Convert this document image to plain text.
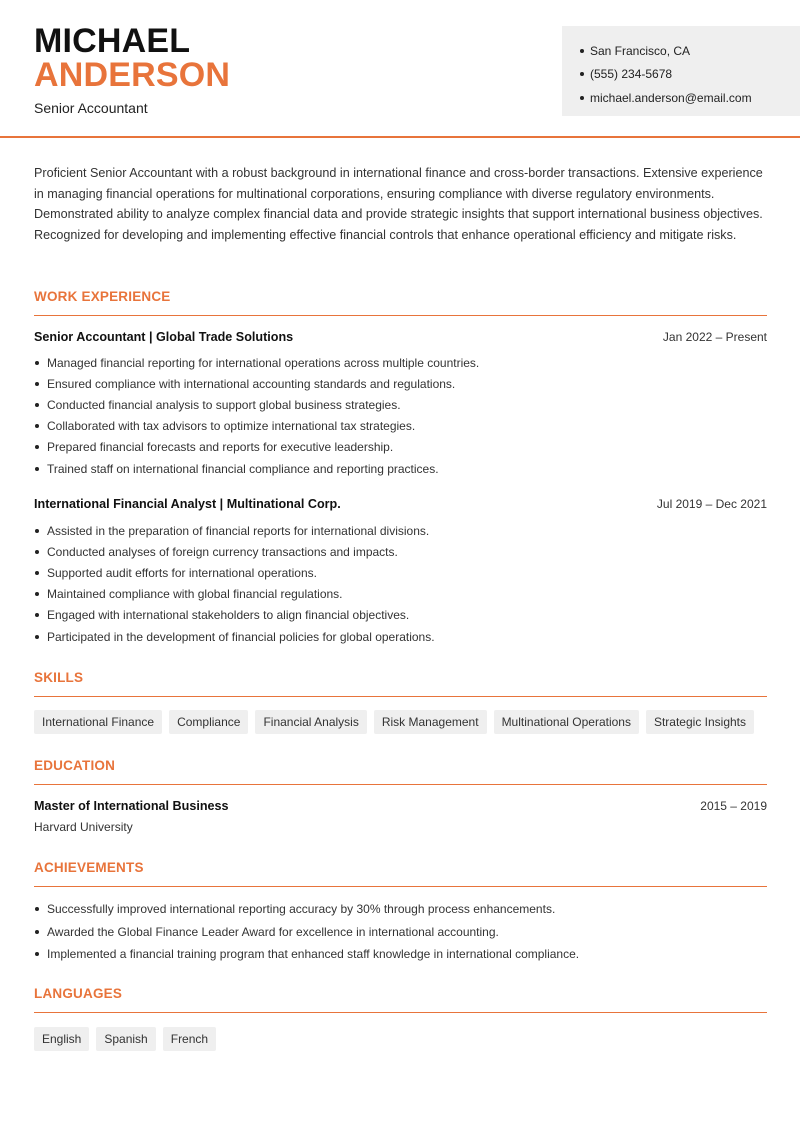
MICHAEL
ANDERSON
Senior Accountant
San Francisco, CA
(555) 234-5678
michael.anderson@email.com

Proficient Senior Accountant with a robust background in international finance and cross-border transactions. Extensive experience in managing financial operations for multinational corporations, ensuring compliance with diverse regulatory environments. Demonstrated ability to analyze complex financial data and provide strategic insights that support international business objectives. Recognized for developing and implementing effective financial controls that enhance operational efficiency and mitigate risks.

WORK EXPERIENCE
Senior Accountant | Global Trade Solutions	Jan 2022 – Present
Managed financial reporting for international operations across multiple countries.
Ensured compliance with international accounting standards and regulations.
Conducted financial analysis to support global business strategies.
Collaborated with tax advisors to optimize international tax strategies.
Prepared financial forecasts and reports for executive leadership.
Trained staff on international financial compliance and reporting practices.
International Financial Analyst | Multinational Corp.	Jul 2019 – Dec 2021
Assisted in the preparation of financial reports for international divisions.
Conducted analyses of foreign currency transactions and impacts.
Supported audit efforts for international operations.
Maintained compliance with global financial regulations.
Engaged with international stakeholders to align financial objectives.
Participated in the development of financial policies for global operations.
SKILLS
International Finance	Compliance	Financial Analysis	Risk Management	Multinational Operations	Strategic Insights
EDUCATION
Master of International Business	2015 – 2019
Harvard University
ACHIEVEMENTS
Successfully improved international reporting accuracy by 30% through process enhancements.
Awarded the Global Finance Leader Award for excellence in international accounting.
Implemented a financial training program that enhanced staff knowledge in international compliance.
LANGUAGES
English	Spanish	French
